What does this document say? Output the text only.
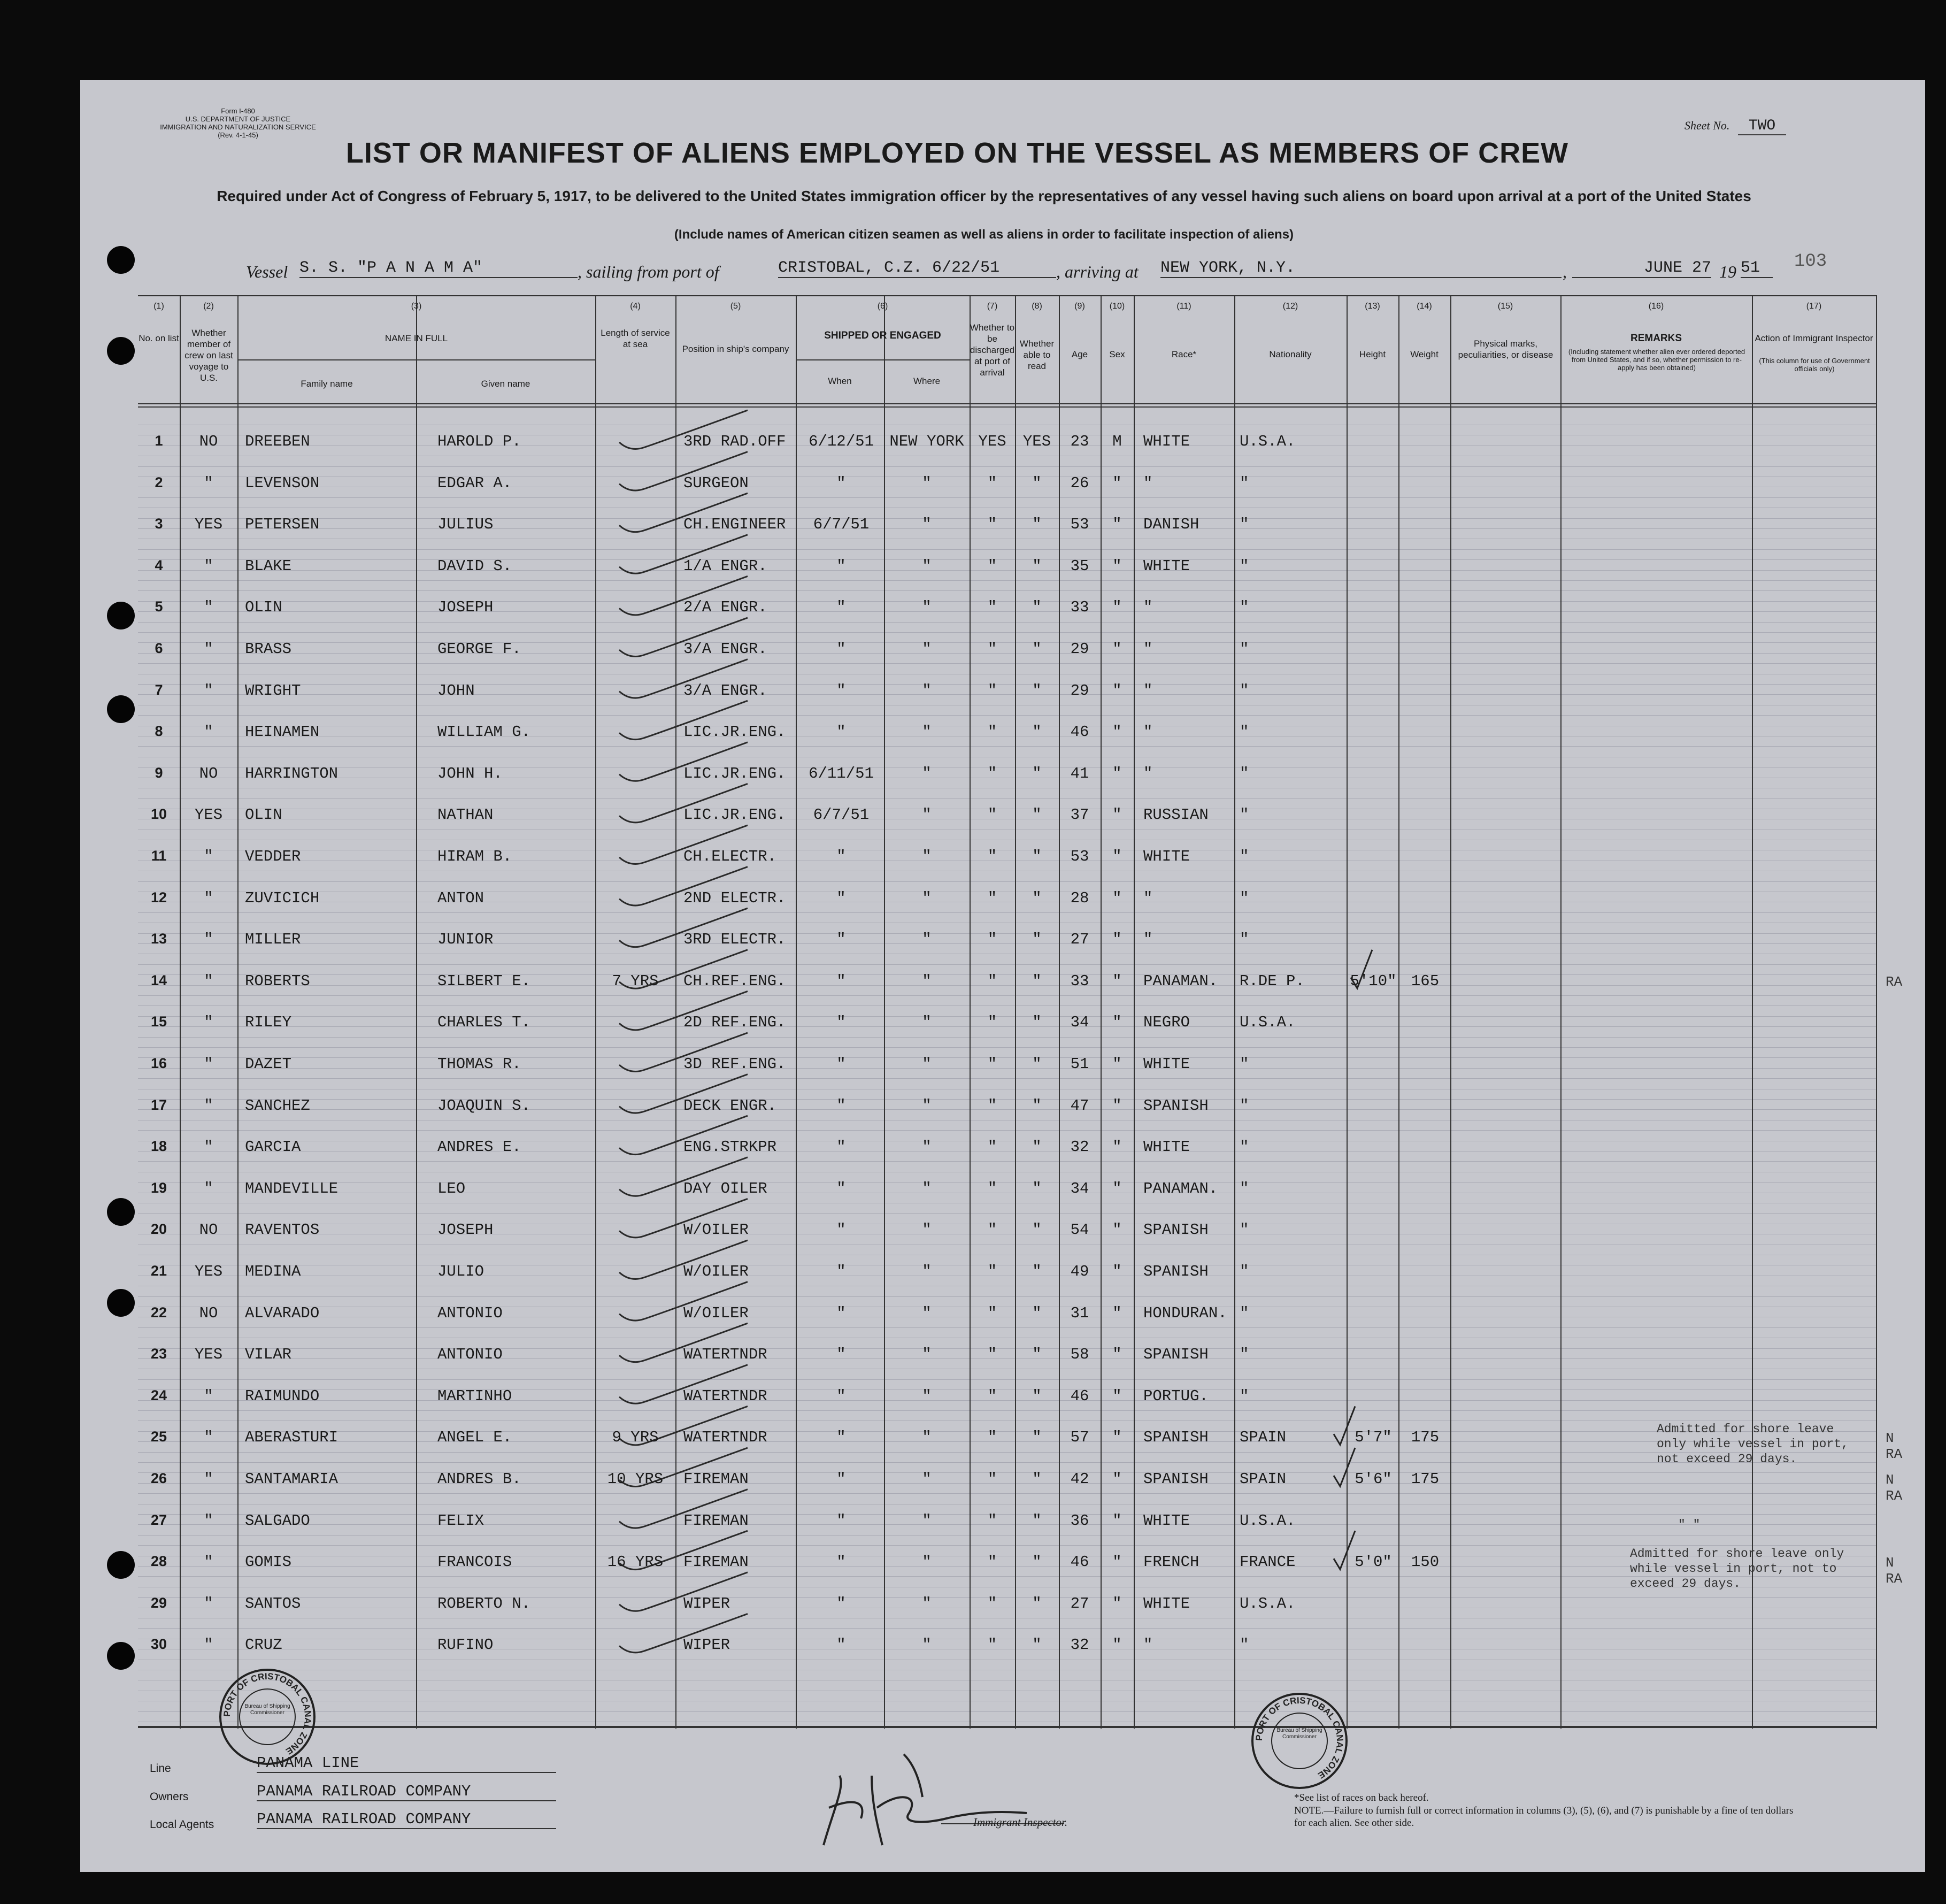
Form I-480
U.S. DEPARTMENT OF JUSTICE
IMMIGRATION AND NATURALIZATION SERVICE
(Rev. 4-1-45)
Sheet No. TWO
103
LIST OR MANIFEST OF ALIENS EMPLOYED ON THE VESSEL AS MEMBERS OF CREW
Required under Act of Congress of February 5, 1917, to be delivered to the United States immigration officer by the representatives of any vessel having such aliens on board upon arrival at a port of the United States
(Include names of American citizen seamen as well as aliens in order to facilitate inspection of aliens)
Vessel S. S. "P A N A M A"	, sailing from port of	CRISTOBAL, C.Z. 6/22/51	, arriving at NEW YORK, N.Y.	,	JUNE 27 19 51
(1)	(2)	(3)	(4)	(5)	(6)	(7)	(8)	(9)	(10)	(11)	(12)	(13)	(14)	(15)	(16)	(17)
No. on list
Whether member of crew on last voyage to U.S.
NAME IN FULL
Family name	Given name
Length of service at sea	Position in ship's company
SHIPPED OR ENGAGED
When	Where
Whether to be discharged at port of arrival
Whether able to read
Age	Sex	Race*	Nationality	Height	Weight
Physical marks, peculiarities, or disease
REMARKS
(Including statement whether alien ever ordered deported from United States, and if so, whether permission to re-apply has been obtained)
Action of Immigrant Inspector
(This column for use of Government officials only)
1	NO	DREEBEN	HAROLD P.	3RD RAD.OFF	6/12/51	NEW YORK YES	YES	23	M	WHITE	U.S.A.
2	"	LEVENSON	EDGAR A.	SURGEON	"	"	"	"	26	"	"	"
3	YES	PETERSEN	JULIUS	CH.ENGINEER	6/7/51	"	"	"	53	"	DANISH	"
4	"	BLAKE	DAVID S.	1/A ENGR.	"	"	"	"	35	"	WHITE	"
5	"	OLIN	JOSEPH	2/A ENGR.	"	"	"	"	33	"	"	"
6	"	BRASS	GEORGE F.	3/A ENGR.	"	"	"	"	29	"	"	"
7	"	WRIGHT	JOHN	3/A ENGR.	"	"	"	"	29	"	"	"
8	"	HEINAMEN	WILLIAM G.	LIC.JR.ENG.	"	"	"	"	46	"	"	"
9	NO	HARRINGTON	JOHN H.	LIC.JR.ENG.	6/11/51	"	"	"	41	"	"	"
10	YES	OLIN	NATHAN	LIC.JR.ENG.	6/7/51	"	"	"	37	"	RUSSIAN "
11	"	VEDDER	HIRAM B.	CH.ELECTR.	"	"	"	"	53	"	WHITE	"
12	"	ZUVICICH	ANTON	2ND ELECTR.	"	"	"	"	28	"	"	"
13	"	MILLER	JUNIOR	3RD ELECTR.	"	"	"	"	27	"	"	"
14	"	ROBERTS	SILBERT E.	7 YRS	CH.REF.ENG.	"	"	"	"	33	"	PANAMAN. R.DE P.	5'10" 165
15	"	RILEY	CHARLES T.	2D REF.ENG.	"	"	"	"	34	"	NEGRO	U.S.A.
16	"	DAZET	THOMAS R.	3D REF.ENG.	"	"	"	"	51	"	WHITE	"
17	"	SANCHEZ	JOAQUIN S.	DECK ENGR.	"	"	"	"	47	"	SPANISH "
18	"	GARCIA	ANDRES E.	ENG.STRKPR	"	"	"	"	32	"	WHITE	"
19	"	MANDEVILLE	LEO	DAY OILER	"	"	"	"	34	"	PANAMAN. "
20	NO	RAVENTOS	JOSEPH	W/OILER	"	"	"	"	54	"	SPANISH "
21	YES	MEDINA	JULIO	W/OILER	"	"	"	"	49	"	SPANISH "
22	NO	ALVARADO	ANTONIO	W/OILER	"	"	"	"	31	"	HONDURAN. "
23	YES	VILAR	ANTONIO	WATERTNDR	"	"	"	"	58	"	SPANISH "
24	"	RAIMUNDO	MARTINHO	WATERTNDR	"	"	"	"	46	"	PORTUG. "
25	"	ABERASTURI	ANGEL E.	9 YRS	WATERTNDR	"	"	"	"	57	"	SPANISH SPAIN	5'7"	175
26	"	SANTAMARIA	ANDRES B.	10 YRS	FIREMAN	"	"	"	"	42	"	SPANISH SPAIN	5'6"	175
27	"	SALGADO	FELIX	FIREMAN	"	"	"	"	36	"	WHITE	U.S.A.
28	"	GOMIS	FRANCOIS	16 YRS	FIREMAN	"	"	"	"	46	"	FRENCH	FRANCE	5'0"	150
29	"	SANTOS	ROBERTO N.	WIPER	"	"	"	"	27	"	WHITE	U.S.A.
30	"	CRUZ	RUFINO	WIPER	"	"	"	"	32	"	"	"
Admitted for shore leave only while vessel in port, not exceed 29 days.
" "
Admitted for shore leave only while vessel in port, not to exceed 29 days.
RA
N RA
N RA
N RA
Line	PANAMA LINE
Owners	PANAMA RAILROAD COMPANY
Local Agents	PANAMA RAILROAD COMPANY	Immigrant Inspector.
*See list of races on back hereof.
NOTE.—Failure to furnish full or correct information in columns (3), (5), (6), and (7) is punishable by a fine of ten dollars for each alien. See other side.
PORT OF CRISTOBAL CANAL ZONE
Bureau of Shipping Commissioner
PORT OF CRISTOBAL CANAL ZONE
Bureau of Shipping Commissioner
